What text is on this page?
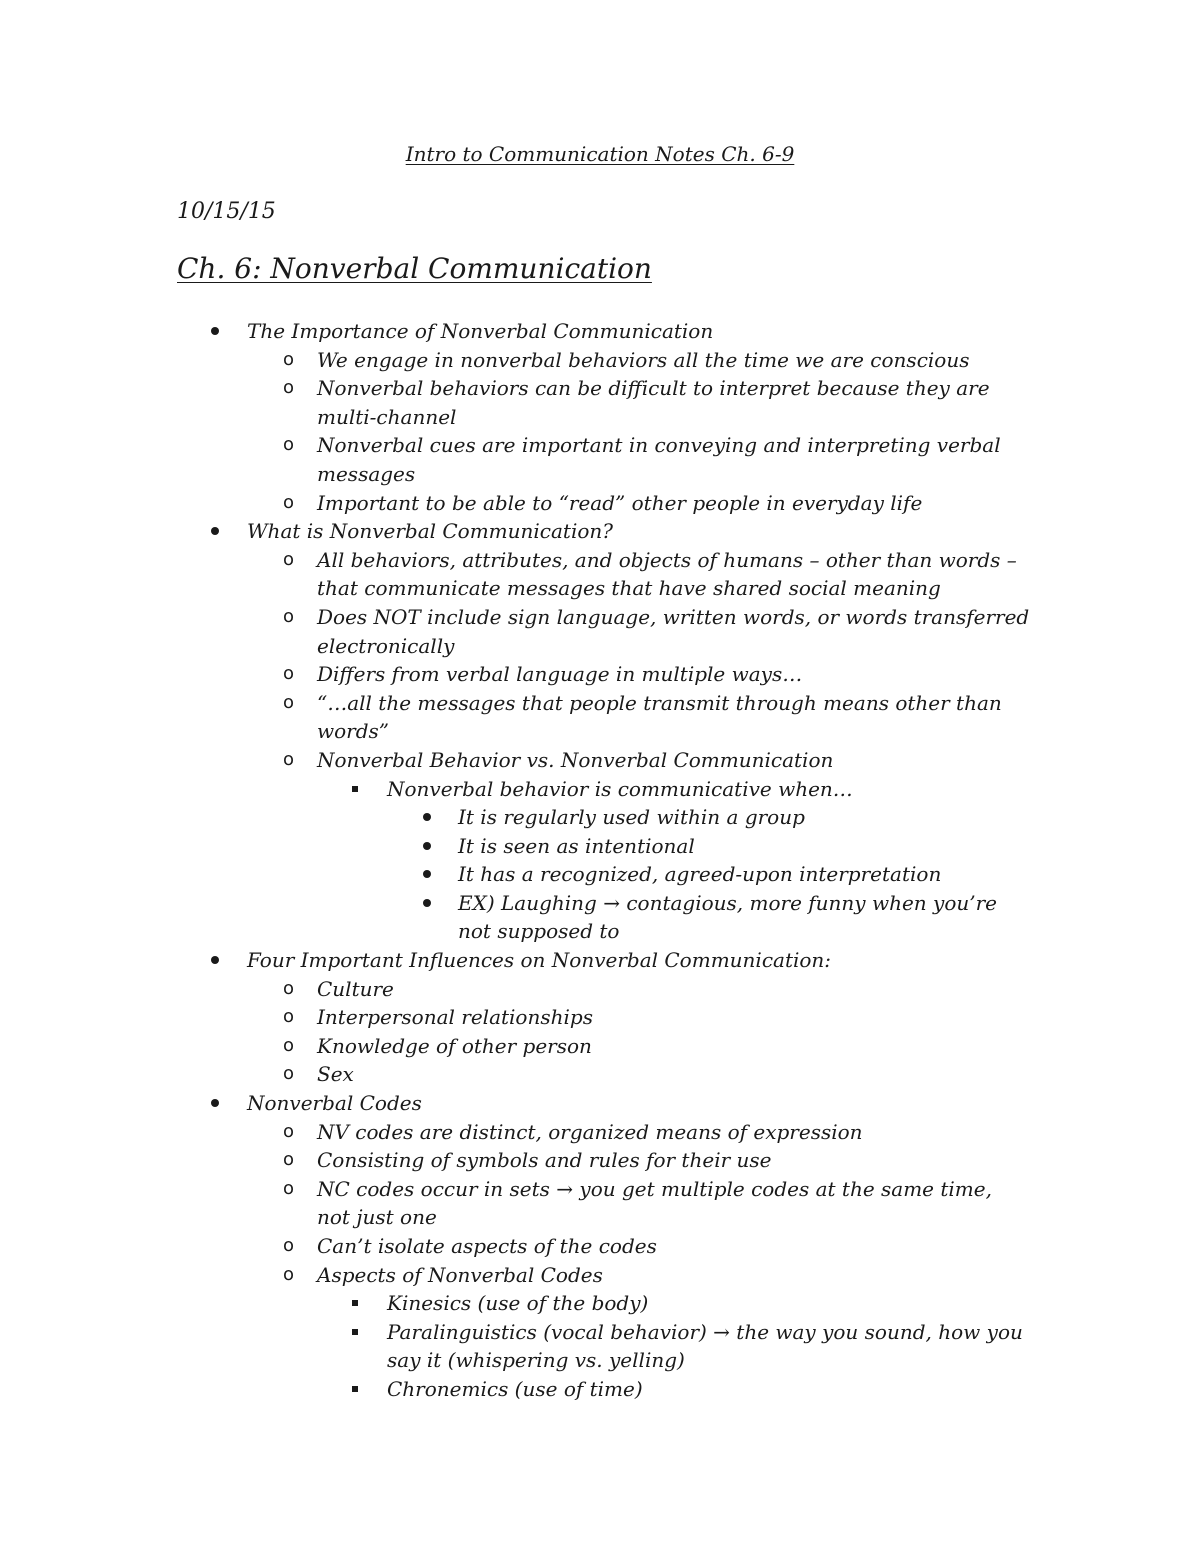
Intro to Communication Notes Ch. 6-9

10/15/15

Ch. 6: Nonverbal Communication
The Importance of Nonverbal Communication
o We engage in nonverbal behaviors all the time we are conscious
o Nonverbal behaviors can be difficult to interpret because they are multi-channel
o Nonverbal cues are important in conveying and interpreting verbal messages
o Important to be able to “read” other people in everyday life
What is Nonverbal Communication?
o All behaviors, attributes, and objects of humans – other than words – that communicate messages that have shared social meaning
o Does NOT include sign language, written words, or words transferred electronically
o Differs from verbal language in multiple ways…
o “…all the messages that people transmit through means other than words”
o Nonverbal Behavior vs. Nonverbal Communication
Nonverbal behavior is communicative when…
It is regularly used within a group
It is seen as intentional
It has a recognized, agreed-upon interpretation
EX) Laughing → contagious, more funny when you’re not supposed to
Four Important Influences on Nonverbal Communication:
o Culture
o Interpersonal relationships
o Knowledge of other person
o Sex
Nonverbal Codes
o NV codes are distinct, organized means of expression
o Consisting of symbols and rules for their use
o NC codes occur in sets → you get multiple codes at the same time, not just one
o Can’t isolate aspects of the codes
o Aspects of Nonverbal Codes
Kinesics (use of the body)
Paralinguistics (vocal behavior) → the way you sound, how you say it (whispering vs. yelling)
Chronemics (use of time)
